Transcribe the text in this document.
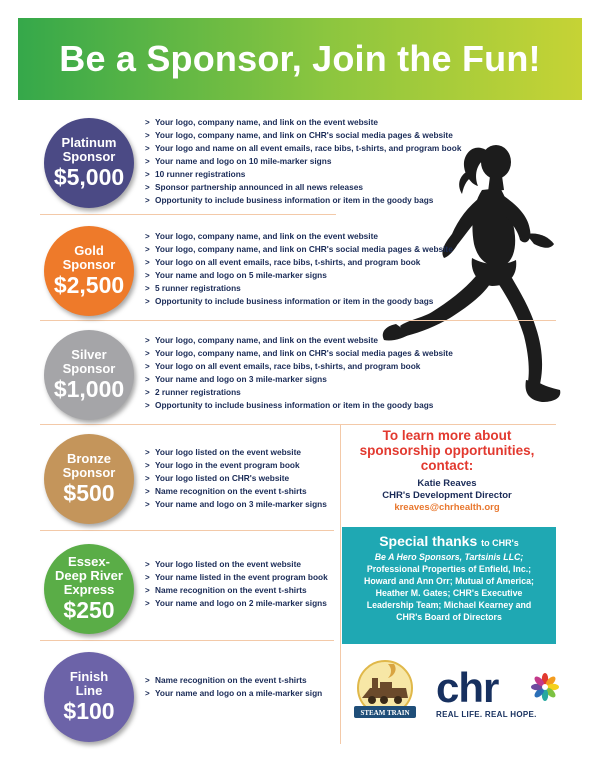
Be a Sponsor, Join the Fun!
Platinum
Sponsor
$5,000
> Your logo, company name, and link on the event website
> Your logo, company name, and link on CHR's social media pages & website
> Your logo and name on all event emails, race bibs, t-shirts, and program book
> Your name and logo on 10 mile-marker signs
> 10 runner registrations
> Sponsor partnership announced in all news releases
> Opportunity to include business information or item in the goody bags
Gold
Sponsor
$2,500
> Your logo, company name, and link on the event website
> Your logo, company name, and link on CHR's social media pages & website
> Your logo on all event emails, race bibs, t-shirts, and program book
> Your name and logo on 5 mile-marker signs
> 5 runner registrations
> Opportunity to include business information or item in the goody bags
Silver
Sponsor
$1,000
> Your logo, company name, and link on the event website
> Your logo, company name, and link on CHR's social media pages & website
> Your logo on all event emails, race bibs, t-shirts, and program book
> Your name and logo on 3 mile-marker signs
> 2 runner registrations
> Opportunity to include business information or item in the goody bags
Bronze
Sponsor
$500
> Your logo listed on the event website
> Your logo in the event program book
> Your logo listed on CHR's website
> Name recognition on the event t-shirts
> Your name and logo on 3 mile-marker signs
Essex-
Deep River
Express
$250
> Your logo listed on the event website
> Your name listed in the event program book
> Name recognition on the event t-shirts
> Your name and logo on 2 mile-marker signs
Finish
Line
$100
> Name recognition on the event t-shirts
> Your name and logo on a mile-marker sign
To learn more about
sponsorship opportunities,
contact:
Katie Reaves
CHR's Development Director
kreaves@chrhealth.org
Special thanks to CHR's
Be A Hero Sponsors, Tartsinis LLC;
Professional Properties of Enfield, Inc.;
Howard and Ann Orr; Mutual of America;
Heather M. Gates; CHR's Executive
Leadership Team; Michael Kearney and
CHR's Board of Directors
STEAM TRAIN
chr
REAL LIFE. REAL HOPE.
